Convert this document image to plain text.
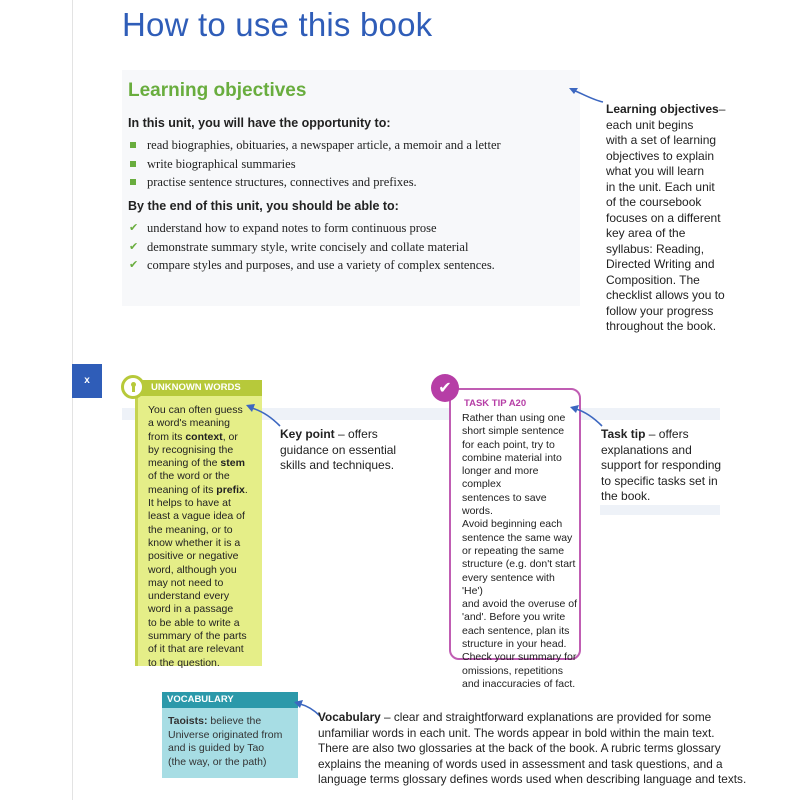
How to use this book
Learning objectives

In this unit, you will have the opportunity to:

read biographies, obituaries, a newspaper article, a memoir and a letter
write biographical summaries
practise sentence structures, connectives and prefixes.

By the end of this unit, you should be able to:

✔ understand how to expand notes to form continuous prose
✔ demonstrate summary style, write concisely and collate material
✔ compare styles and purposes, and use a variety of complex sentences.

Learning objectives–
each unit begins
with a set of learning
objectives to explain
what you will learn
in the unit. Each unit
of the coursebook
focuses on a different
key area of the
syllabus: Reading,
Directed Writing and
Composition. The
checklist allows you to
follow your progress
throughout the book.

x
UNKNOWN WORDS

You can often guess
a word's meaning
from its context, or
by recognising the
meaning of the stem
of the word or the
meaning of its prefix.
It helps to have at
least a vague idea of
the meaning, or to
know whether it is a
positive or negative
word, although you
may not need to
understand every
word in a passage
to be able to write a
summary of the parts
of it that are relevant
to the question.

Key point – offers
guidance on essential
skills and techniques.

✔

TASK TIP A20

Rather than using one
short simple sentence
for each point, try to
combine material into
longer and more complex
sentences to save words.
Avoid beginning each
sentence the same way
or repeating the same
structure (e.g. don't start
every sentence with 'He')
and avoid the overuse of
'and'. Before you write
each sentence, plan its
structure in your head.
Check your summary for
omissions, repetitions
and inaccuracies of fact.

Task tip – offers
explanations and
support for responding
to specific tasks set in
the book.

VOCABULARY

Taoists: believe the
Universe originated from
and is guided by Tao
(the way, or the path)

Vocabulary – clear and straightforward explanations are provided for some
unfamiliar words in each unit. The words appear in bold within the main text.
There are also two glossaries at the back of the book. A rubric terms glossary
explains the meaning of words used in assessment and task questions, and a
language terms glossary defines words used when describing language and texts.
